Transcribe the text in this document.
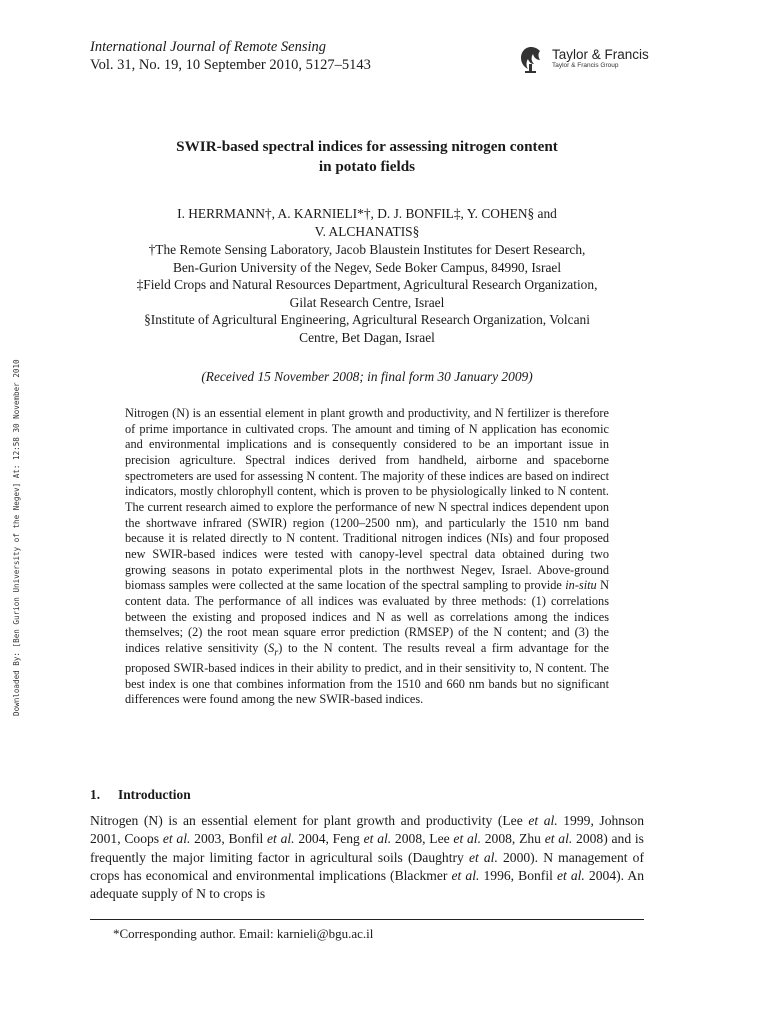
International Journal of Remote Sensing
Vol. 31, No. 19, 10 September 2010, 5127–5143
Taylor & Francis
Taylor & Francis Group
Downloaded By: [Ben Gurion University of the Negev] At: 12:58 30 November 2010
SWIR-based spectral indices for assessing nitrogen content
in potato fields
I. HERRMANN†, A. KARNIELI*†, D. J. BONFIL‡, Y. COHEN§ and
V. ALCHANATIS§
†The Remote Sensing Laboratory, Jacob Blaustein Institutes for Desert Research,
Ben-Gurion University of the Negev, Sede Boker Campus, 84990, Israel
‡Field Crops and Natural Resources Department, Agricultural Research Organization,
Gilat Research Centre, Israel
§Institute of Agricultural Engineering, Agricultural Research Organization, Volcani
Centre, Bet Dagan, Israel
(Received 15 November 2008; in final form 30 January 2009)

Nitrogen (N) is an essential element in plant growth and productivity, and N fertilizer is therefore of prime importance in cultivated crops. The amount and timing of N application has economic and environmental implications and is consequently considered to be an important issue in precision agriculture. Spectral indices derived from handheld, airborne and spaceborne spectrometers are used for assessing N content. The majority of these indices are based on indirect indicators, mostly chlorophyll content, which is proven to be physiologically linked to N content. The current research aimed to explore the performance of new N spectral indices dependent upon the shortwave infrared (SWIR) region (1200–2500 nm), and particularly the 1510 nm band because it is related directly to N content. Traditional nitrogen indices (NIs) and four proposed new SWIR-based indices were tested with canopy-level spectral data obtained during two growing seasons in potato experimental plots in the northwest Negev, Israel. Above-ground biomass samples were collected at the same location of the spectral sampling to provide in-situ N content data. The performance of all indices was evaluated by three methods: (1) correlations between the existing and proposed indices and N as well as correlations among the indices themselves; (2) the root mean square error prediction (RMSEP) of the N content; and (3) the indices relative sensitivity $(S_r)$ to the N content. The results reveal a firm advantage for the proposed SWIR-based indices in their ability to predict, and in their sensitivity to, N content. The best index is one that combines information from the 1510 and 660 nm bands but no significant differences were found among the new SWIR-based indices.

1. Introduction

Nitrogen (N) is an essential element for plant growth and productivity (Lee et al. 1999, Johnson 2001, Coops et al. 2003, Bonfil et al. 2004, Feng et al. 2008, Lee et al. 2008, Zhu et al. 2008) and is frequently the major limiting factor in agricultural soils (Daughtry et al. 2000). N management of crops has economical and environmental implications (Blackmer et al. 1996, Bonfil et al. 2004). An adequate supply of N to crops is

*Corresponding author. Email: karnieli@bgu.ac.il
